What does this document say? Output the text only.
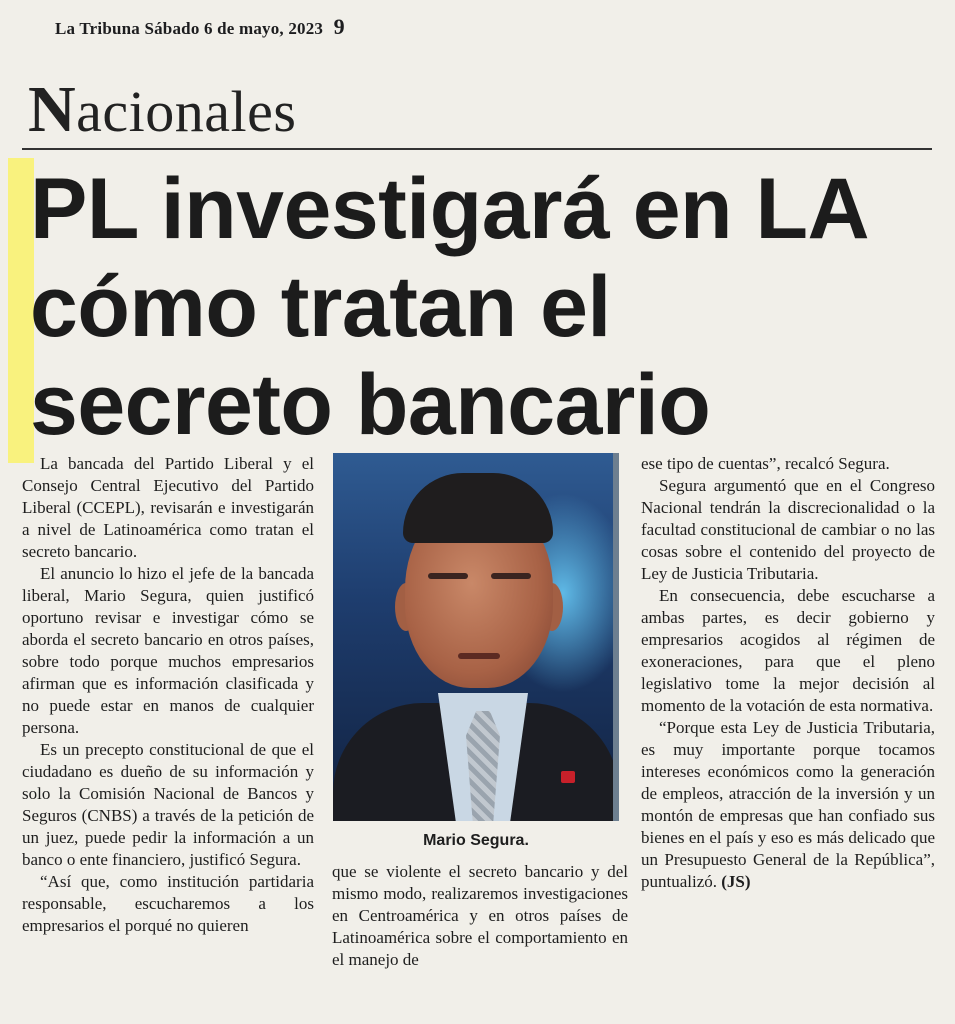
La Tribuna Sábado 6 de mayo, 2023 9
Nacionales
PL investigará en LA cómo tratan el secreto bancario

La bancada del Partido Liberal y el Consejo Central Ejecutivo del Partido Liberal (CCEPL), revisarán e investigarán a nivel de Latinoamérica como tratan el secreto bancario.

El anuncio lo hizo el jefe de la bancada liberal, Mario Segura, quien justificó oportuno revisar e investigar cómo se aborda el secreto bancario en otros países, sobre todo porque muchos empresarios afirman que es información clasificada y no puede estar en manos de cualquier persona.

Es un precepto constitucional de que el ciudadano es dueño de su información y solo la Comisión Nacional de Bancos y Seguros (CNBS) a través de la petición de un juez, puede pedir la información a un banco o ente financiero, justificó Segura.

“Así que, como institución partidaria responsable, escucharemos a los empresarios el porqué no quieren

Mario Segura.

que se violente el secreto bancario y del mismo modo, realizaremos investigaciones en Centroamérica y en otros países de Latinoamérica sobre el comportamiento en el manejo de

ese tipo de cuentas”, recalcó Segura.

Segura argumentó que en el Congreso Nacional tendrán la discrecionalidad o la facultad constitucional de cambiar o no las cosas sobre el contenido del proyecto de Ley de Justicia Tributaria.

En consecuencia, debe escucharse a ambas partes, es decir gobierno y empresarios acogidos al régimen de exoneraciones, para que el pleno legislativo tome la mejor decisión al momento de la votación de esta normativa.

“Porque esta Ley de Justicia Tributaria, es muy importante porque tocamos intereses económicos como la generación de empleos, atracción de la inversión y un montón de empresas que han confiado sus bienes en el país y eso es más delicado que un Presupuesto General de la República”, puntualizó. (JS)
